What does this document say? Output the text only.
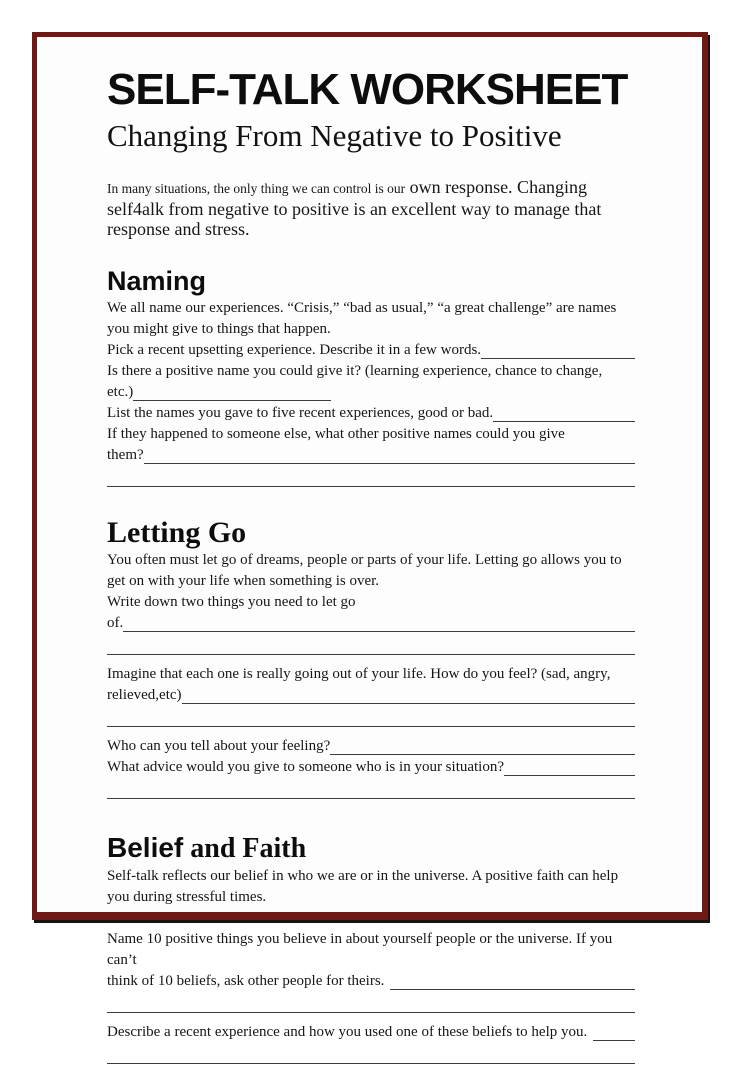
SELF-TALK WORKSHEET
Changing From Negative to Positive

In many situations, the only thing we can control is our own response. Changing self4alk from negative to positive is an excellent way to manage that response and stress.

Naming
We all name our experiences. “Crisis,” “bad as usual,” “a great challenge” are names you might give to things that happen.
Pick a recent upsetting experience. Describe it in a few words.
Is there a positive name you could give it? (learning experience, chance to change,
etc.)
List the names you gave to five recent experiences, good or bad.
If they happened to someone else, what other positive names could you give
them?
Letting Go
You often must let go of dreams, people or parts of your life. Letting go allows you to get on with your life when something is over.
Write down two things you need to let go
of.
Imagine that each one is really going out of your life. How do you feel? (sad, angry,
relieved,etc)
Who can you tell about your feeling?
What advice would you give to someone who is in your situation?
Belief and Faith
Self-talk reflects our belief in who we are or in the universe. A positive faith can help you during stressful times.
Name 10 positive things you believe in about yourself people or the universe. If you can’t
think of 10 beliefs, ask other people for theirs.
Describe a recent experience and how you used one of these beliefs to help you.
